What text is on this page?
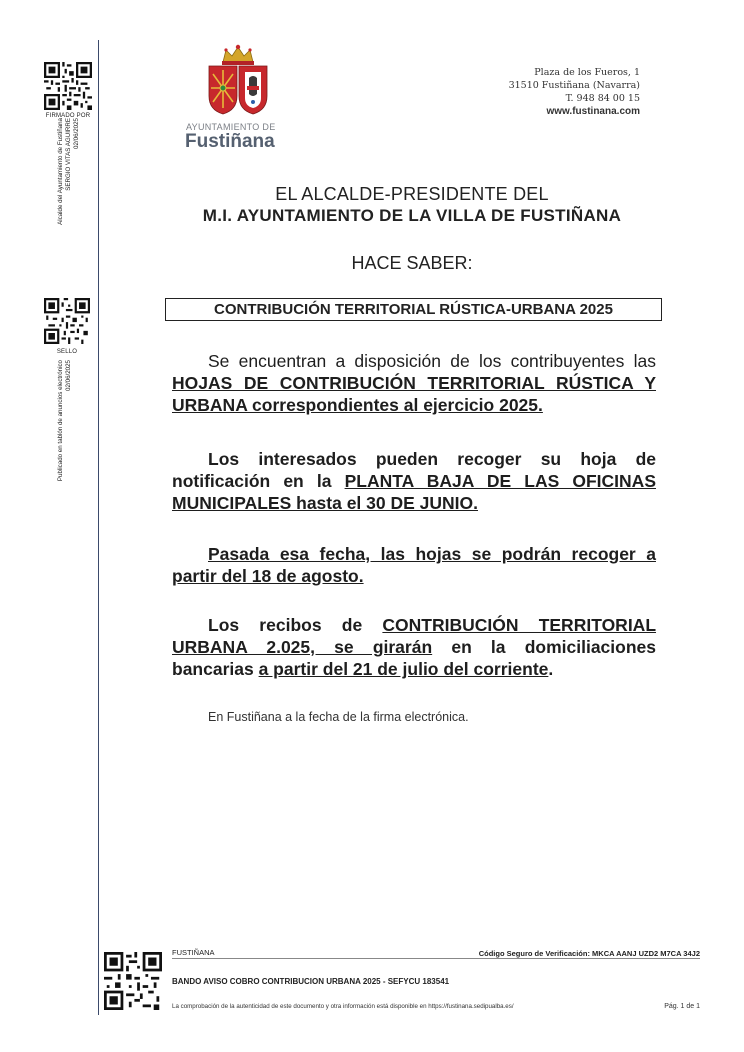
FIRMADO POR
Alcalde del Ayuntamiento de Fustiñana
SERGIO VITAS AGUIRRE
02/06/2025
SELLO
Publicado en tablón de anuncios electrónico
02/06/2025
AYUNTAMIENTO DE
Fustiñana
Plaza de los Fueros, 1
31510 Fustiñana (Navarra)
T. 948 84 00 15
www.fustinana.com
EL ALCALDE-PRESIDENTE DEL
M.I. AYUNTAMIENTO DE LA VILLA DE FUSTIÑANA
HACE SABER:
CONTRIBUCIÓN TERRITORIAL RÚSTICA-URBANA 2025
Se encuentran a disposición de los contribuyentes las HOJAS DE CONTRIBUCIÓN TERRITORIAL RÚSTICA Y URBANA correspondientes al ejercicio 2025.
Los interesados pueden recoger su hoja de notificación en la PLANTA BAJA DE LAS OFICINAS MUNICIPALES hasta el 30 DE JUNIO.
Pasada esa fecha, las hojas se podrán recoger a partir del 18 de agosto.
Los recibos de CONTRIBUCIÓN TERRITORIAL URBANA 2.025, se girarán en la domiciliaciones bancarias a partir del 21 de julio del corriente.
En Fustiñana a la fecha de la firma electrónica.
FUSTIÑANA	Código Seguro de Verificación: MKCA AANJ UZD2 M7CA 34J2
BANDO AVISO COBRO CONTRIBUCION URBANA 2025 - SEFYCU 183541
La comprobación de la autenticidad de este documento y otra información está disponible en https://fustinana.sedipualba.es/	Pág. 1 de 1
